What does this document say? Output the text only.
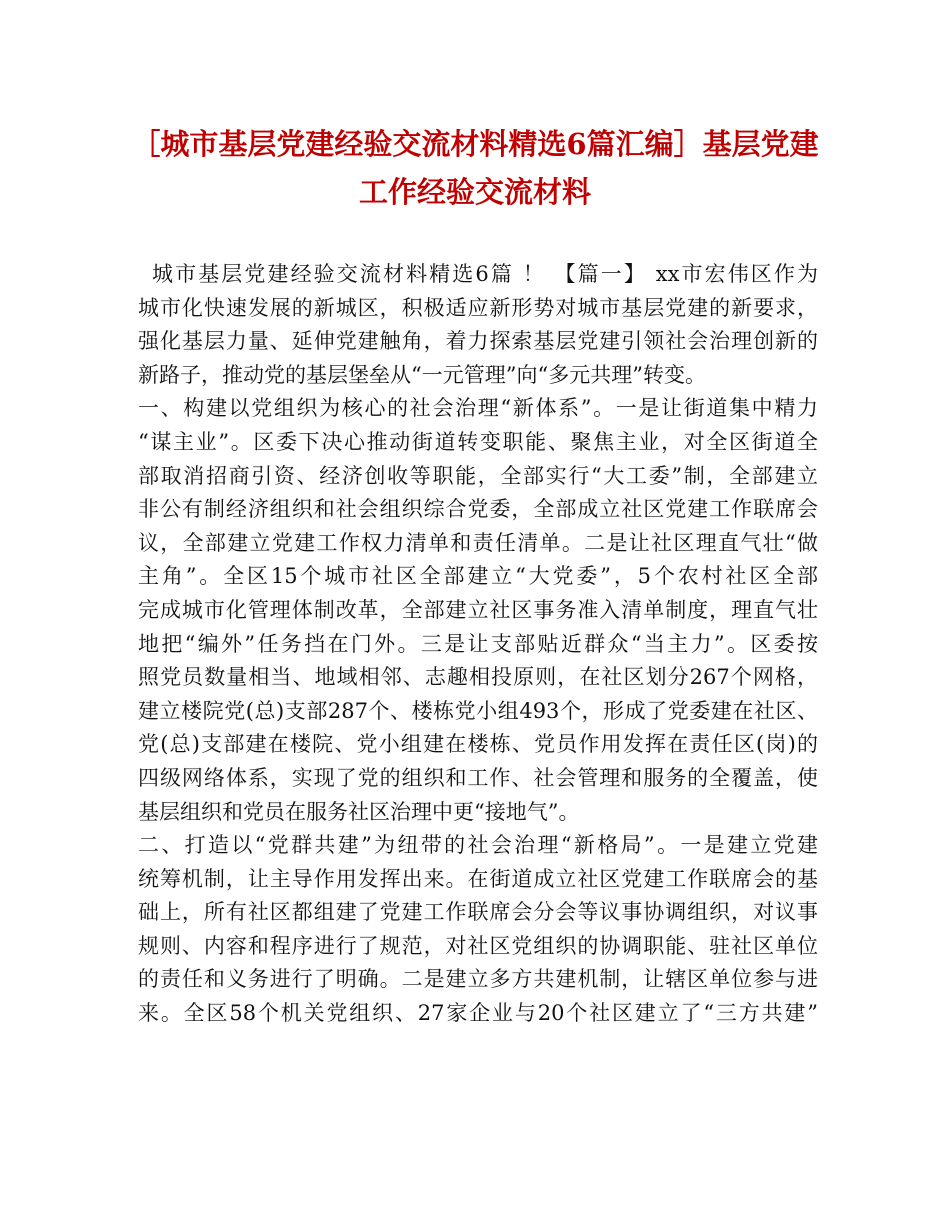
［城市基层党建经验交流材料精选6篇汇编］基层党建
工作经验交流材料
城市基层党建经验交流材料精选6篇 ！ 【篇一】 xx市宏伟区作为
城市化快速发展的新城区，积极适应新形势对城市基层党建的新要求，
强化基层力量、延伸党建触角，着力探索基层党建引领社会治理创新的
新路子，推动党的基层堡垒从“一元管理”向“多元共理”转变。
一、构建以党组织为核心的社会治理“新体系”。一是让街道集中精力
“谋主业”。区委下决心推动街道转变职能、聚焦主业，对全区街道全
部取消招商引资、经济创收等职能，全部实行“大工委”制，全部建立
非公有制经济组织和社会组织综合党委，全部成立社区党建工作联席会
议，全部建立党建工作权力清单和责任清单。二是让社区理直气壮“做
主角”。全区15个城市社区全部建立“大党委”，5个农村社区全部
完成城市化管理体制改革，全部建立社区事务准入清单制度，理直气壮
地把“编外”任务挡在门外。三是让支部贴近群众“当主力”。区委按
照党员数量相当、地域相邻、志趣相投原则，在社区划分267个网格，
建立楼院党(总)支部287个、楼栋党小组493个，形成了党委建在社区、
党(总)支部建在楼院、党小组建在楼栋、党员作用发挥在责任区(岗)的
四级网络体系，实现了党的组织和工作、社会管理和服务的全覆盖，使
基层组织和党员在服务社区治理中更“接地气”。
二、打造以“党群共建”为纽带的社会治理“新格局”。一是建立党建
统筹机制，让主导作用发挥出来。在街道成立社区党建工作联席会的基
础上，所有社区都组建了党建工作联席会分会等议事协调组织，对议事
规则、内容和程序进行了规范，对社区党组织的协调职能、驻社区单位
的责任和义务进行了明确。二是建立多方共建机制，让辖区单位参与进
来。全区58个机关党组织、27家企业与20个社区建立了“三方共建”
